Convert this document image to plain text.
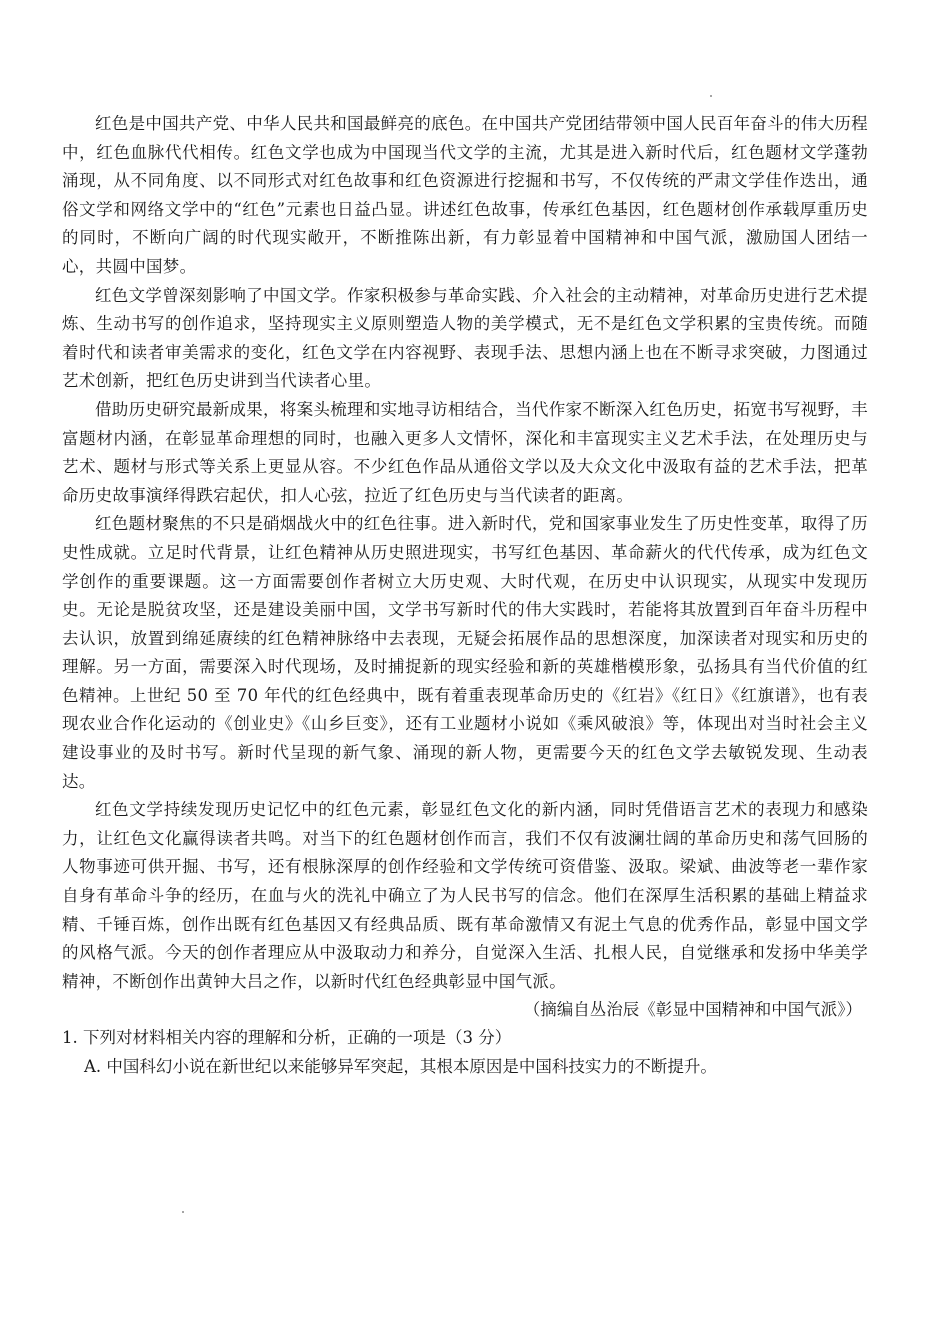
红色是中国共产党、中华人民共和国最鲜亮的底色。在中国共产党团结带领中国人民百年奋斗的伟大历程中，红色血脉代代相传。红色文学也成为中国现当代文学的主流，尤其是进入新时代后，红色题材文学蓬勃涌现，从不同角度、以不同形式对红色故事和红色资源进行挖掘和书写，不仅传统的严肃文学佳作迭出，通俗文学和网络文学中的“红色”元素也日益凸显。讲述红色故事，传承红色基因，红色题材创作承载厚重历史的同时，不断向广阔的时代现实敞开，不断推陈出新，有力彰显着中国精神和中国气派，激励国人团结一心，共圆中国梦。

红色文学曾深刻影响了中国文学。作家积极参与革命实践、介入社会的主动精神，对革命历史进行艺术提炼、生动书写的创作追求，坚持现实主义原则塑造人物的美学模式，无不是红色文学积累的宝贵传统。而随着时代和读者审美需求的变化，红色文学在内容视野、表现手法、思想内涵上也在不断寻求突破，力图通过艺术创新，把红色历史讲到当代读者心里。

借助历史研究最新成果，将案头梳理和实地寻访相结合，当代作家不断深入红色历史，拓宽书写视野，丰富题材内涵，在彰显革命理想的同时，也融入更多人文情怀，深化和丰富现实主义艺术手法，在处理历史与艺术、题材与形式等关系上更显从容。不少红色作品从通俗文学以及大众文化中汲取有益的艺术手法，把革命历史故事演绎得跌宕起伏，扣人心弦，拉近了红色历史与当代读者的距离。

红色题材聚焦的不只是硝烟战火中的红色往事。进入新时代，党和国家事业发生了历史性变革，取得了历史性成就。立足时代背景，让红色精神从历史照进现实，书写红色基因、革命薪火的代代传承，成为红色文学创作的重要课题。这一方面需要创作者树立大历史观、大时代观，在历史中认识现实，从现实中发现历史。无论是脱贫攻坚，还是建设美丽中国，文学书写新时代的伟大实践时，若能将其放置到百年奋斗历程中去认识，放置到绵延赓续的红色精神脉络中去表现，无疑会拓展作品的思想深度，加深读者对现实和历史的理解。另一方面，需要深入时代现场，及时捕捉新的现实经验和新的英雄楷模形象，弘扬具有当代价值的红色精神。上世纪 50 至 70 年代的红色经典中，既有着重表现革命历史的《红岩》《红日》《红旗谱》，也有表现农业合作化运动的《创业史》《山乡巨变》，还有工业题材小说如《乘风破浪》等，体现出对当时社会主义建设事业的及时书写。新时代呈现的新气象、涌现的新人物，更需要今天的红色文学去敏锐发现、生动表达。

红色文学持续发现历史记忆中的红色元素，彰显红色文化的新内涵，同时凭借语言艺术的表现力和感染力，让红色文化赢得读者共鸣。对当下的红色题材创作而言，我们不仅有波澜壮阔的革命历史和荡气回肠的人物事迹可供开掘、书写，还有根脉深厚的创作经验和文学传统可资借鉴、汲取。梁斌、曲波等老一辈作家自身有革命斗争的经历，在血与火的洗礼中确立了为人民书写的信念。他们在深厚生活积累的基础上精益求精、千锤百炼，创作出既有红色基因又有经典品质、既有革命激情又有泥土气息的优秀作品，彰显中国文学的风格气派。今天的创作者理应从中汲取动力和养分，自觉深入生活、扎根人民，自觉继承和发扬中华美学精神，不断创作出黄钟大吕之作，以新时代红色经典彰显中国气派。

（摘编自丛治辰《彰显中国精神和中国气派》）

1. 下列对材料相关内容的理解和分析，正确的一项是（3 分）

A. 中国科幻小说在新世纪以来能够异军突起，其根本原因是中国科技实力的不断提升。
